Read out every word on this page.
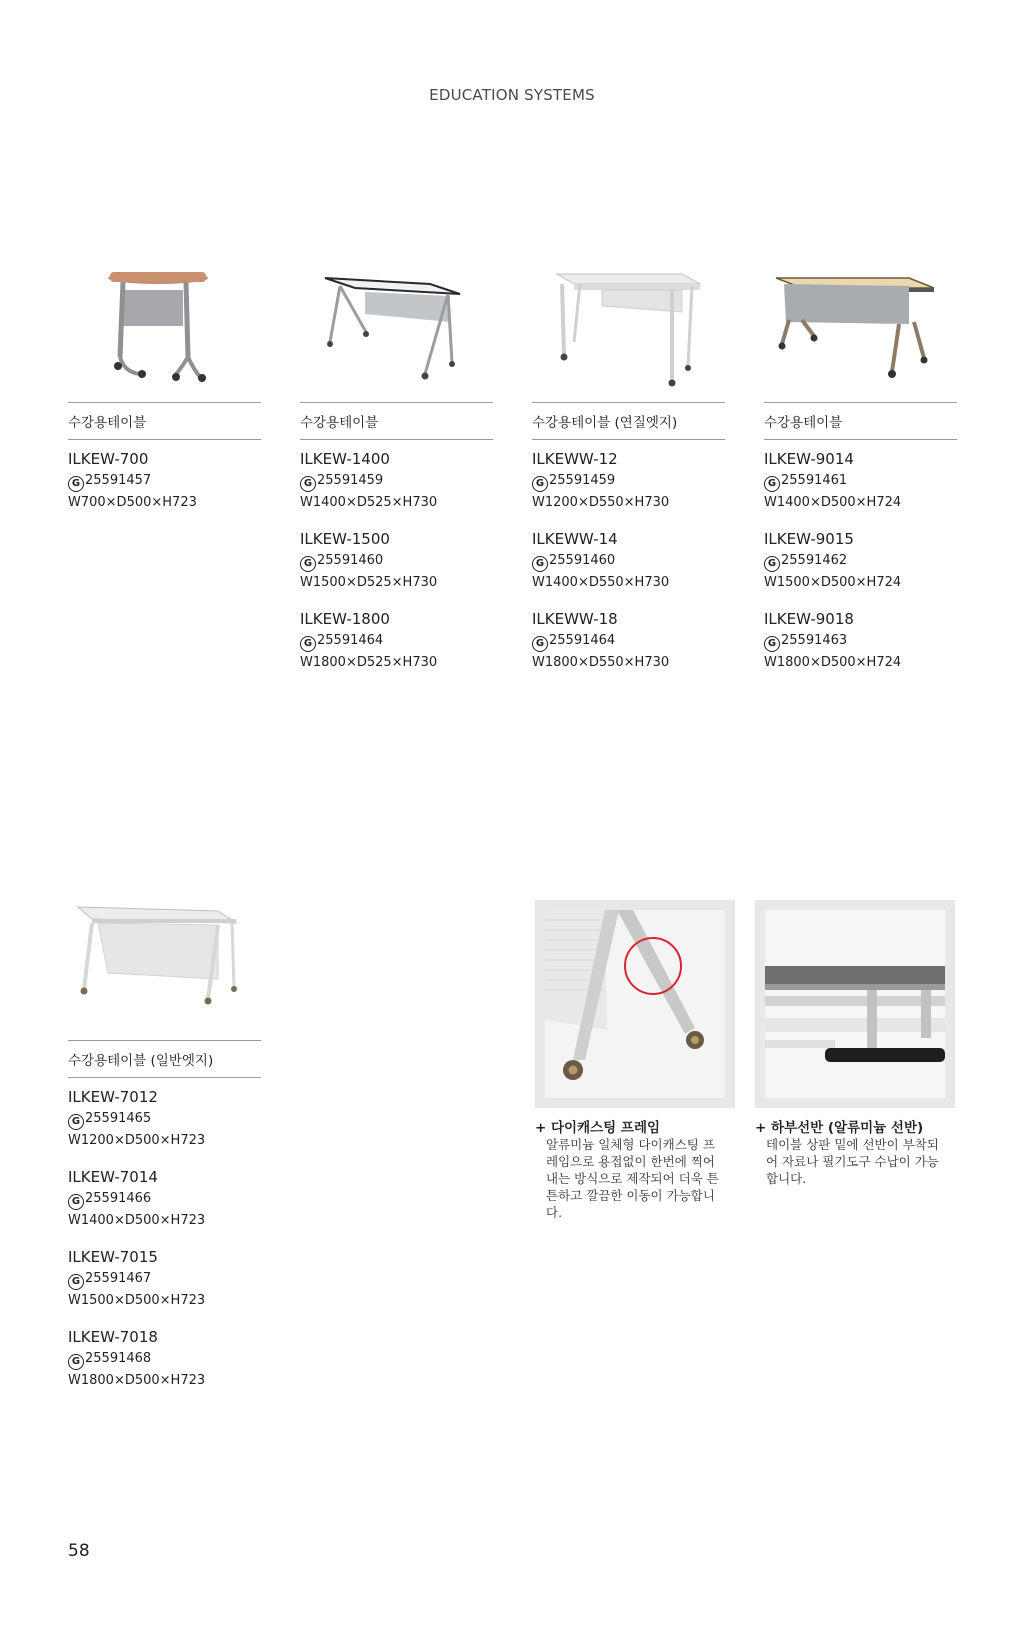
EDUCATION SYSTEMS
수강용테이블
ILKEW-700
G 25591457
W700×D500×H723
수강용테이블
ILKEW-1400
G 25591459
W1400×D525×H730
ILKEW-1500
G 25591460
W1500×D525×H730
ILKEW-1800
G 25591464
W1800×D525×H730
수강용테이블 (연질엣지)
ILKEWW-12
G 25591459
W1200×D550×H730
ILKEWW-14
G 25591460
W1400×D550×H730
ILKEWW-18
G 25591464
W1800×D550×H730
수강용테이블
ILKEW-9014
G 25591461
W1400×D500×H724
ILKEW-9015
G 25591462
W1500×D500×H724
ILKEW-9018
G 25591463
W1800×D500×H724
수강용테이블 (일반엣지)
ILKEW-7012
G 25591465
W1200×D500×H723
ILKEW-7014
G 25591466
W1400×D500×H723
ILKEW-7015
G 25591467
W1500×D500×H723
ILKEW-7018
G 25591468
W1800×D500×H723
+ 다이캐스팅 프레임
알류미늄 일체형 다이캐스팅 프레임으로 용접없이 한번에 찍어내는 방식으로 제작되어 더욱 튼튼하고 깔끔한 이동이 가능합니다.
+ 하부선반 (알류미늄 선반)
테이블 상판 밑에 선반이 부착되어 자료나 필기도구 수납이 가능합니다.
58
